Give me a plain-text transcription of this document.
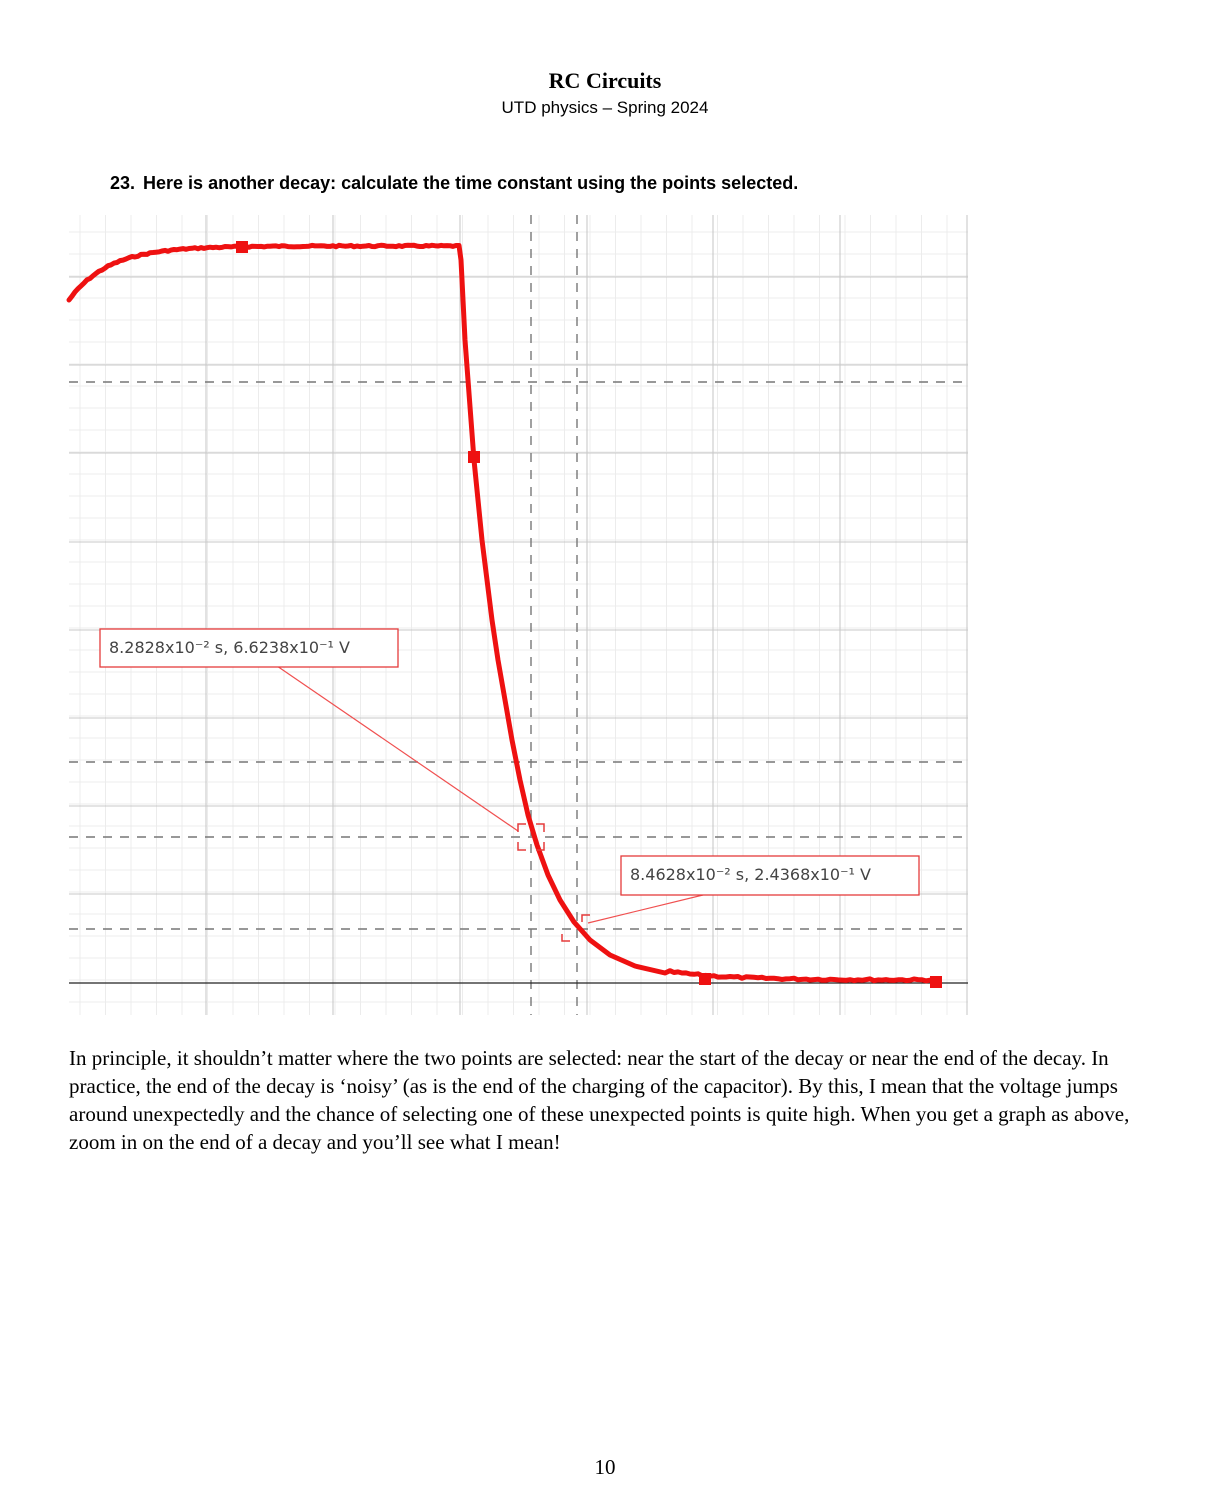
RC Circuits
UTD physics – Spring 2024
23. Here is another decay: calculate the time constant using the points selected.
8.2828x10⁻² s, 6.6238x10⁻¹ V
8.4628x10⁻² s, 2.4368x10⁻¹ V
In principle, it shouldn’t matter where the two points are selected: near the start of the decay or near the end of the decay. In practice, the end of the decay is ‘noisy’ (as is the end of the charging of the capacitor). By this, I mean that the voltage jumps around unexpectedly and the chance of selecting one of these unexpected points is quite high. When you get a graph as above, zoom in on the end of a decay and you’ll see what I mean!
10
